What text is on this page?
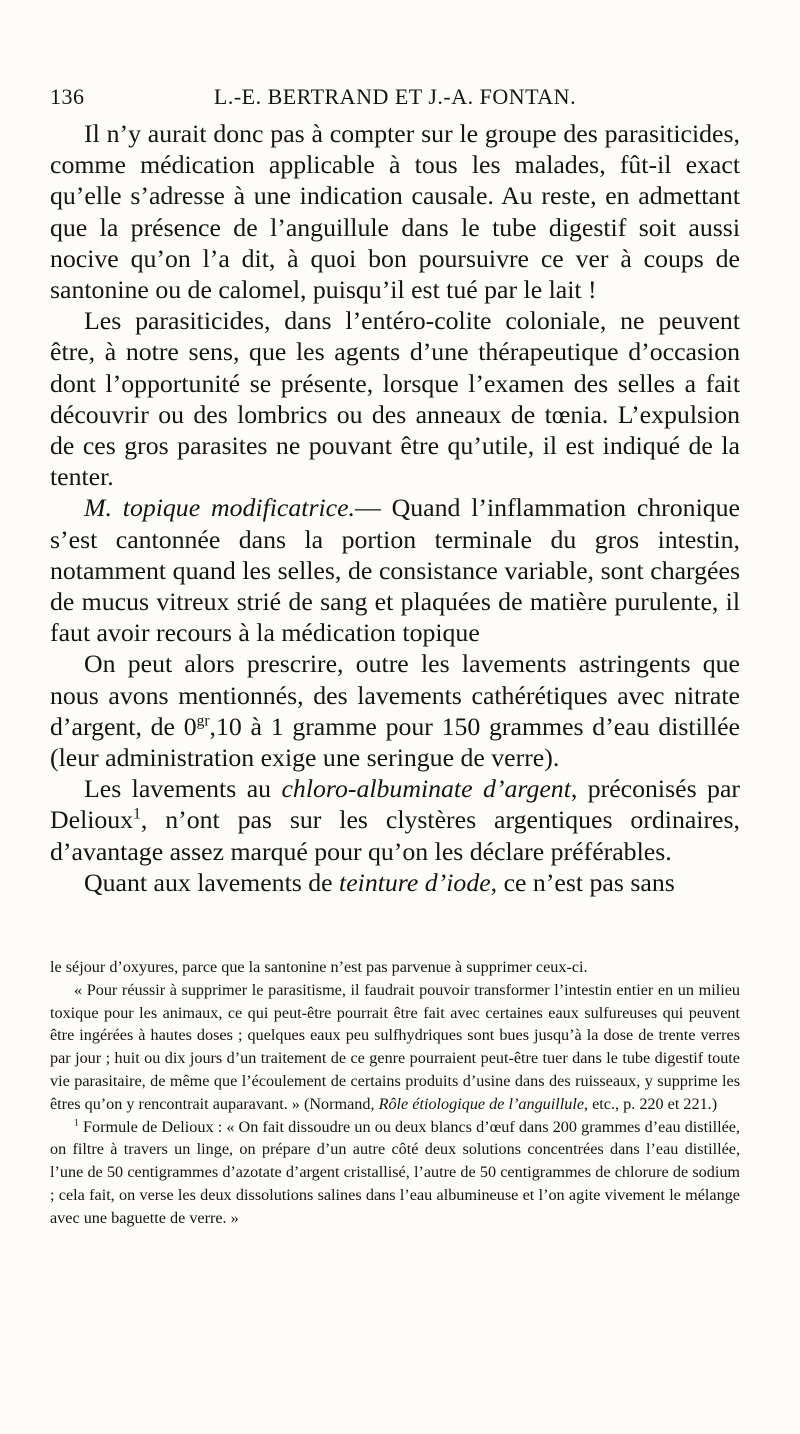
136	L.-E. BERTRAND ET J.-A. FONTAN.

Il n’y aurait donc pas à compter sur le groupe des parasiticides, comme médication applicable à tous les malades, fût-il exact qu’elle s’adresse à une indication causale. Au reste, en admettant que la présence de l’anguillule dans le tube digestif soit aussi nocive qu’on l’a dit, à quoi bon poursuivre ce ver à coups de santonine ou de calomel, puisqu’il est tué par le lait !

Les parasiticides, dans l’entéro-colite coloniale, ne peuvent être, à notre sens, que les agents d’une thérapeutique d’occasion dont l’opportunité se présente, lorsque l’examen des selles a fait découvrir ou des lombrics ou des anneaux de tœnia. L’expulsion de ces gros parasites ne pouvant être qu’utile, il est indiqué de la tenter.

M. topique modificatrice.— Quand l’inflammation chronique s’est cantonnée dans la portion terminale du gros intestin, notamment quand les selles, de consistance variable, sont chargées de mucus vitreux strié de sang et plaquées de matière purulente, il faut avoir recours à la médication topique

On peut alors prescrire, outre les lavements astringents que nous avons mentionnés, des lavements cathérétiques avec nitrate d’argent, de $0^{gr},10$ à 1 gramme pour 150 grammes d’eau distillée (leur administration exige une seringue de verre).

Les lavements au chloro-albuminate d’argent, préconisés par Delioux$^1$, n’ont pas sur les clystères argentiques ordinaires, d’avantage assez marqué pour qu’on les déclare préférables.

Quant aux lavements de teinture d’iode, ce n’est pas sans

le séjour d’oxyures, parce que la santonine n’est pas parvenue à supprimer ceux-ci.

« Pour réussir à supprimer le parasitisme, il faudrait pouvoir transformer l’intestin entier en un milieu toxique pour les animaux, ce qui peut-être pourrait être fait avec certaines eaux sulfureuses qui peuvent être ingérées à hautes doses ; quelques eaux peu sulfhydriques sont bues jusqu’à la dose de trente verres par jour ; huit ou dix jours d’un traitement de ce genre pourraient peut-être tuer dans le tube digestif toute vie parasitaire, de même que l’écoulement de certains produits d’usine dans des ruisseaux, y supprime les êtres qu’on y rencontrait auparavant. » (Normand, Rôle étiologique de l’anguillule, etc., p. 220 et 221.)

$^1$ Formule de Delioux : « On fait dissoudre un ou deux blancs d’œuf dans 200 grammes d’eau distillée, on filtre à travers un linge, on prépare d’un autre côté deux solutions concentrées dans l’eau distillée, l’une de 50 centigrammes d’azotate d’argent cristallisé, l’autre de 50 centigrammes de chlorure de sodium ; cela fait, on verse les deux dissolutions salines dans l’eau albumineuse et l’on agite vivement le mélange avec une baguette de verre. »
